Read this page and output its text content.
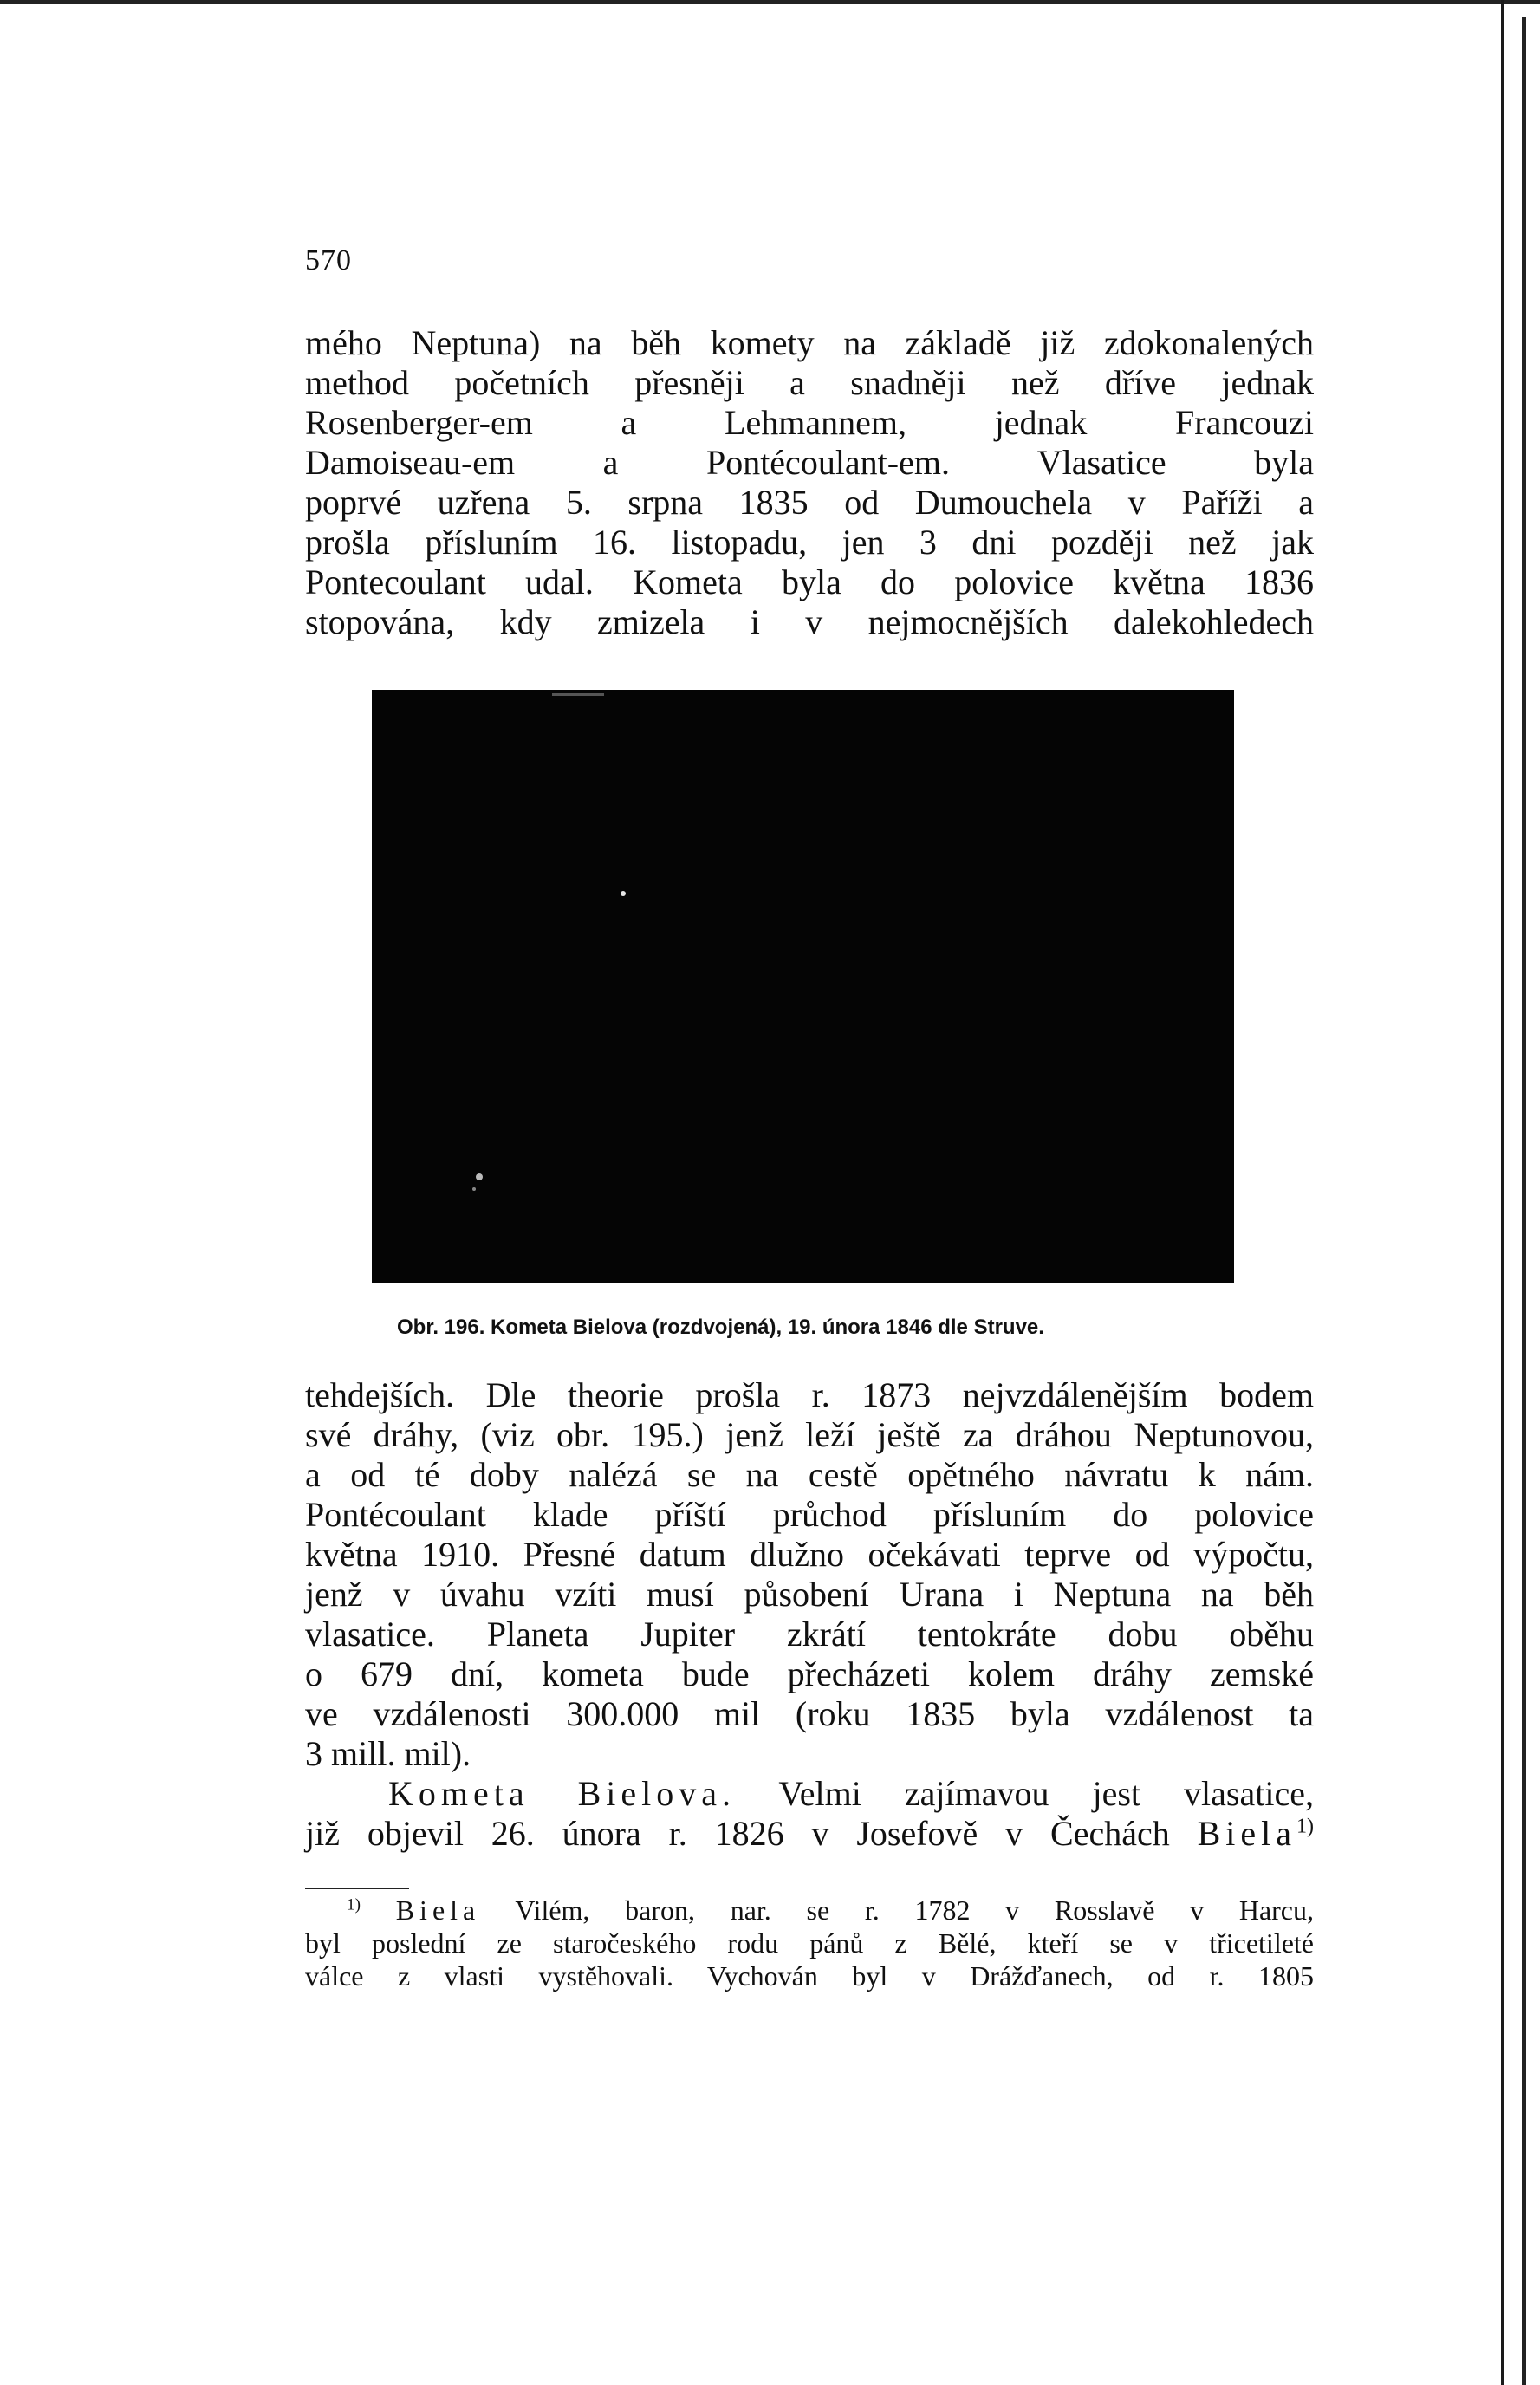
570
mého Neptuna) na běh komety na základě již zdokonalených
method početních přesněji a snadněji než dříve jednak
Rosenberger-em a Lehmannem, jednak Francouzi
Damoiseau-em a Pontécoulant-em. Vlasatice byla
poprvé uzřena 5. srpna 1835 od Dumouchela v Paříži a
prošla přísluním 16. listopadu, jen 3 dni později než jak
Pontecoulant udal. Kometa byla do polovice května 1836
stopována, kdy zmizela i v nejmocnějších dalekohledech
Obr. 196. Kometa Bielova (rozdvojená), 19. února 1846 dle Struve.
tehdejších. Dle theorie prošla r. 1873 nejvzdálenějším bodem
své dráhy, (viz obr. 195.) jenž leží ještě za dráhou Neptunovou,
a od té doby nalézá se na cestě opětného návratu k nám.
Pontécoulant klade příští průchod přísluním do polovice
května 1910. Přesné datum dlužno očekávati teprve od výpočtu,
jenž v úvahu vzíti musí působení Urana i Neptuna na běh
vlasatice. Planeta Jupiter zkrátí tentokráte dobu oběhu
o 679 dní, kometa bude přecházeti kolem dráhy zemské
ve vzdálenosti 300.000 mil (roku 1835 byla vzdálenost ta
3 mill. mil).
Kometa Bielova. Velmi zajímavou jest vlasatice,
již objevil 26. února r. 1826 v Josefově v Čechách Biela$^{1)}$
$^{1)}$ Biela Vilém, baron, nar. se r. 1782 v Rosslavě v Harcu,
byl poslední ze staročeského rodu pánů z Bělé, kteří se v třicetileté
válce z vlasti vystěhovali. Vychován byl v Drážďanech, od r. 1805
